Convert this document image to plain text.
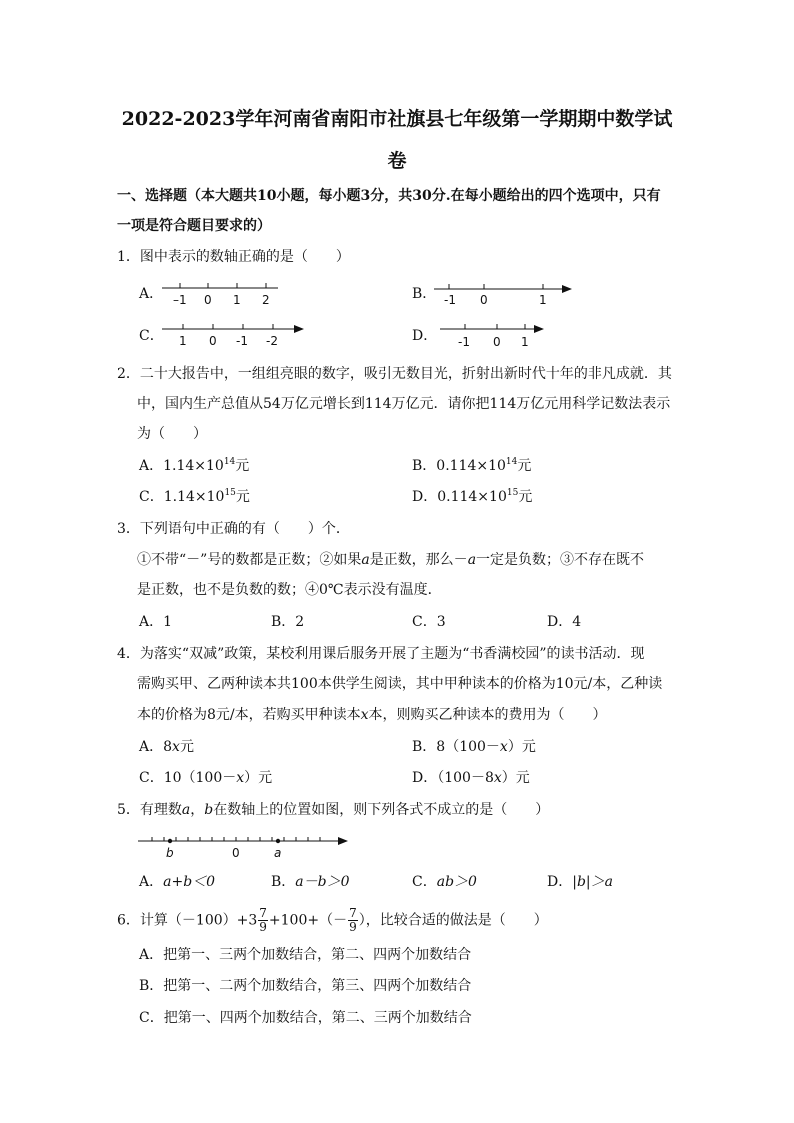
2022-2023学年河南省南阳市社旗县七年级第一学期期中数学试
卷
一、选择题（本大题共10小题，每小题3分，共30分.在每小题给出的四个选项中，只有
一项是符合题目要求的）
1．图中表示的数轴正确的是（　　）
A． –1 0 1 2	B． -1 0	1
C． 1 0 -1 -2	D． -1 0 1
2．二十大报告中，一组组亮眼的数字，吸引无数目光，折射出新时代十年的非凡成就．其
中，国内生产总值从54万亿元增长到114万亿元．请你把114万亿元用科学记数法表示
为（　　）
A．$1.14\times 10^{14}$元	B．$0.114\times 10^{14}$元
C．$1.14\times 10^{15}$元	D．$0.114\times 10^{15}$元
3．下列语句中正确的有（　　）个．
①不带“－”号的数都是正数；②如果a是正数，那么－a一定是负数；③不存在既不
是正数，也不是负数的数；④0℃表示没有温度．
A．1	B．2	C．3	D．4
4．为落实“双减”政策，某校利用课后服务开展了主题为“书香满校园”的读书活动．现
需购买甲、乙两种读本共100本供学生阅读，其中甲种读本的价格为10元/本，乙种读
本的价格为8元/本，若购买甲种读本x本，则购买乙种读本的费用为（　　）
A．8x元	B．8（100－x）元
C．10（100－x）元	D．（100－8x）元
5．有理数a，b在数轴上的位置如图，则下列各式不成立的是（　　）
b	0	a
A．a+b＜0	B．a－b＞0	C．ab＞0	D．|b|＞a
6．计算$(-100)+3 \frac{7}{9} +100+(- \frac{7}{9}$ ），比较合适的做法是（　　）
A．把第一、三两个加数结合，第二、四两个加数结合
B．把第一、二两个加数结合，第三、四两个加数结合
C．把第一、四两个加数结合，第二、三两个加数结合
